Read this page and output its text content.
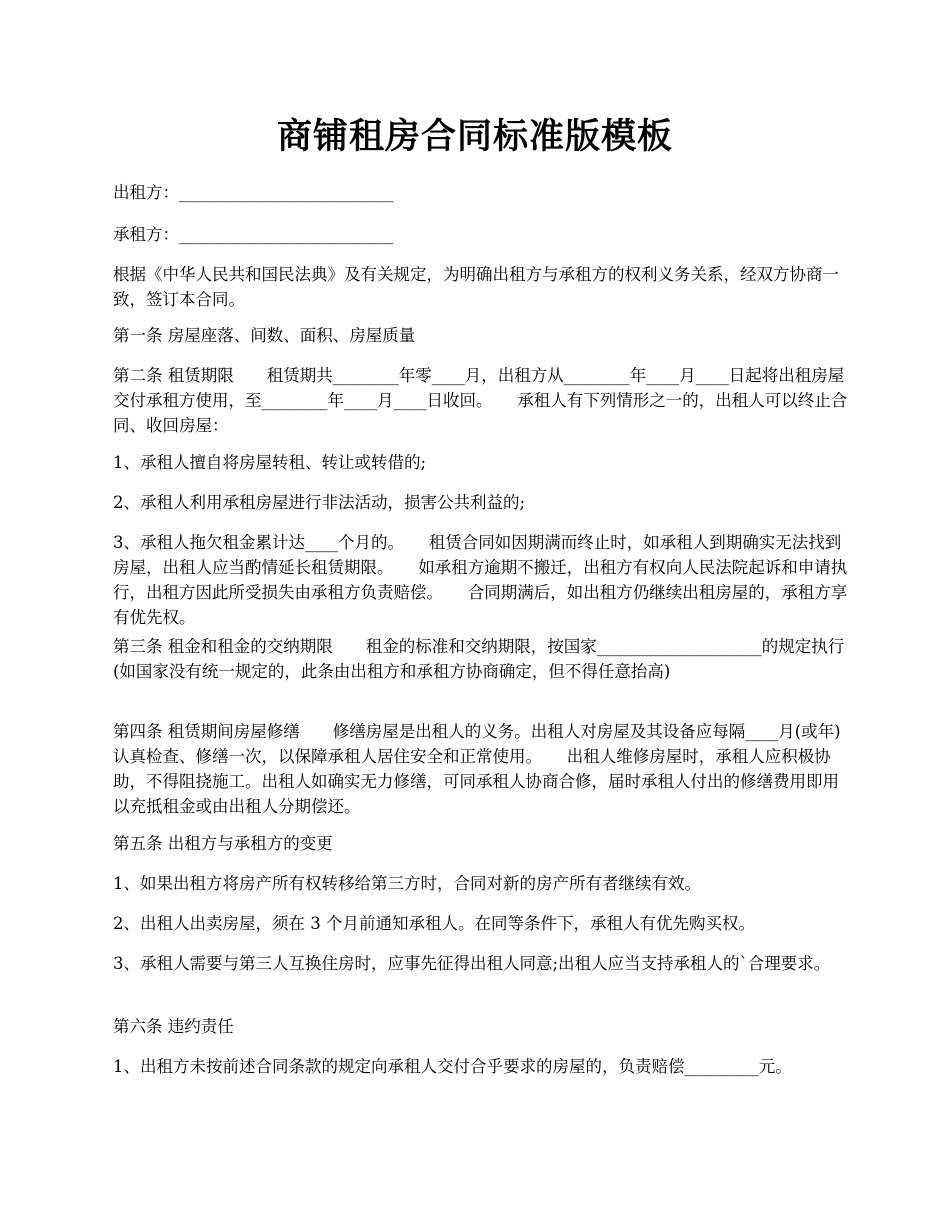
商铺租房合同标准版模板

出租方：__________________________

承租方：__________________________

根据《中华人民共和国民法典》及有关规定，为明确出租方与承租方的权利义务关系，经双方协商一致，签订本合同。

第一条 房屋座落、间数、面积、房屋质量

第二条 租赁期限　　租赁期共________年零____月，出租方从________年____月____日起将出租房屋交付承租方使用，至________年____月____日收回。　　承租人有下列情形之一的，出租人可以终止合同、收回房屋：

1、承租人擅自将房屋转租、转让或转借的;

2、承租人利用承租房屋进行非法活动，损害公共利益的;

3、承租人拖欠租金累计达____个月的。　　租赁合同如因期满而终止时，如承租人到期确实无法找到房屋，出租人应当酌情延长租赁期限。　　如承租方逾期不搬迁，出租方有权向人民法院起诉和申请执行，出租方因此所受损失由承租方负责赔偿。　　合同期满后，如出租方仍继续出租房屋的，承租方享有优先权。

第三条 租金和租金的交纳期限　　租金的标准和交纳期限，按国家____________________的规定执行(如国家没有统一规定的，此条由出租方和承租方协商确定，但不得任意抬高)

第四条 租赁期间房屋修缮　　修缮房屋是出租人的义务。出租人对房屋及其设备应每隔____月(或年)认真检查、修缮一次，以保障承租人居住安全和正常使用。　　出租人维修房屋时，承租人应积极协助，不得阻挠施工。出租人如确实无力修缮，可同承租人协商合修，届时承租人付出的修缮费用即用以充抵租金或由出租人分期偿还。

第五条 出租方与承租方的变更

1、如果出租方将房产所有权转移给第三方时，合同对新的房产所有者继续有效。

2、出租人出卖房屋，须在 3 个月前通知承租人。在同等条件下，承租人有优先购买权。

3、承租人需要与第三人互换住房时，应事先征得出租人同意;出租人应当支持承租人的`合理要求。

第六条 违约责任

1、出租方未按前述合同条款的规定向承租人交付合乎要求的房屋的，负责赔偿_________元。
